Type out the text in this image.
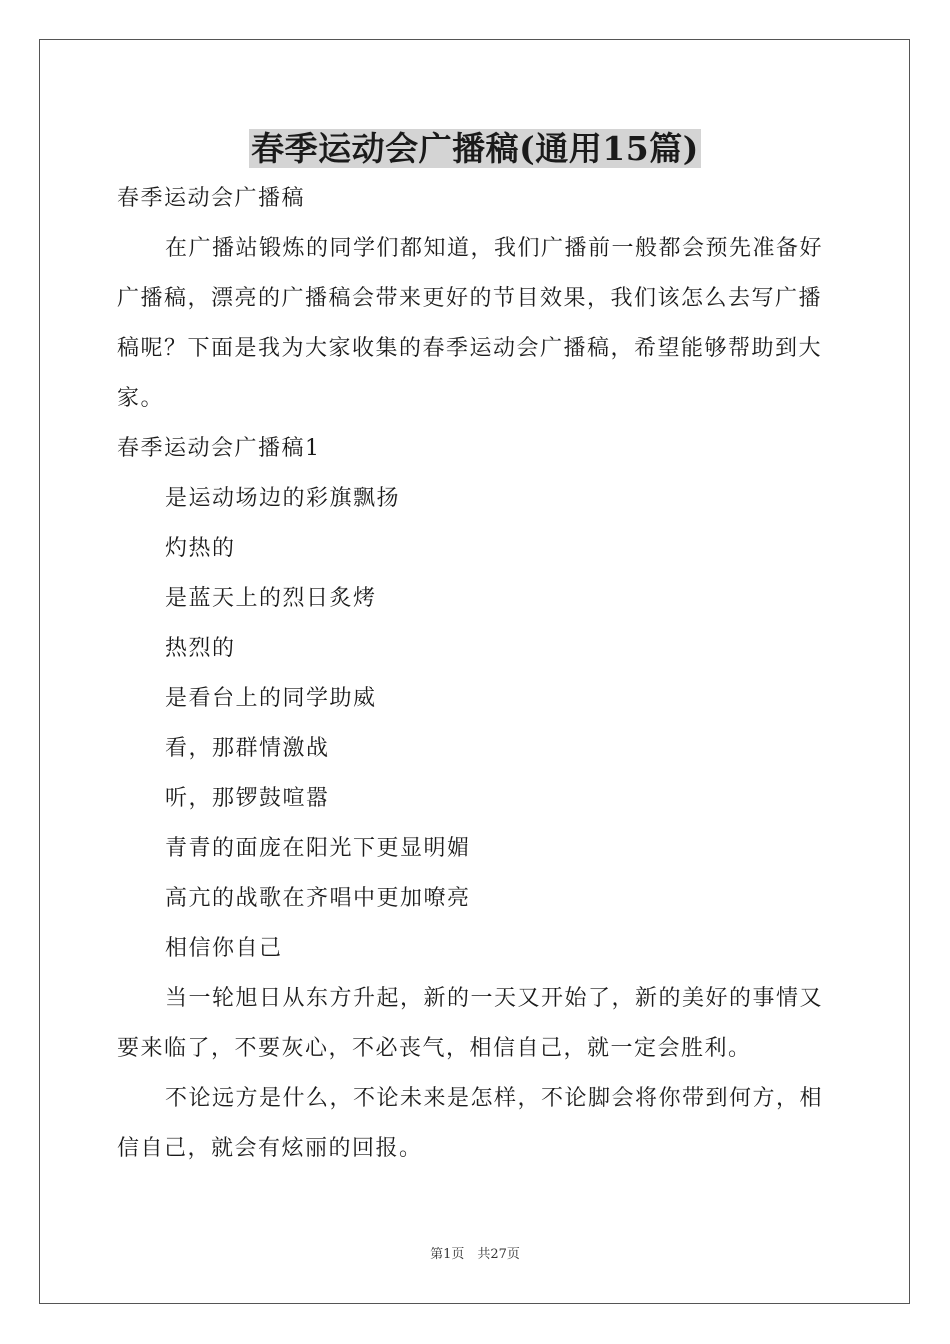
春季运动会广播稿(通用15篇)

春季运动会广播稿

在广播站锻炼的同学们都知道，我们广播前一般都会预先准备好广播稿，漂亮的广播稿会带来更好的节目效果，我们该怎么去写广播稿呢？下面是我为大家收集的春季运动会广播稿，希望能够帮助到大家。

春季运动会广播稿1

是运动场边的彩旗飘扬

灼热的

是蓝天上的烈日炙烤

热烈的

是看台上的同学助威

看，那群情激战

听，那锣鼓喧嚣

青青的面庞在阳光下更显明媚

高亢的战歌在齐唱中更加嘹亮

相信你自己

当一轮旭日从东方升起，新的一天又开始了，新的美好的事情又要来临了，不要灰心，不必丧气，相信自己，就一定会胜利。

不论远方是什么，不论未来是怎样，不论脚会将你带到何方，相信自己，就会有炫丽的回报。

第1页　共27页
